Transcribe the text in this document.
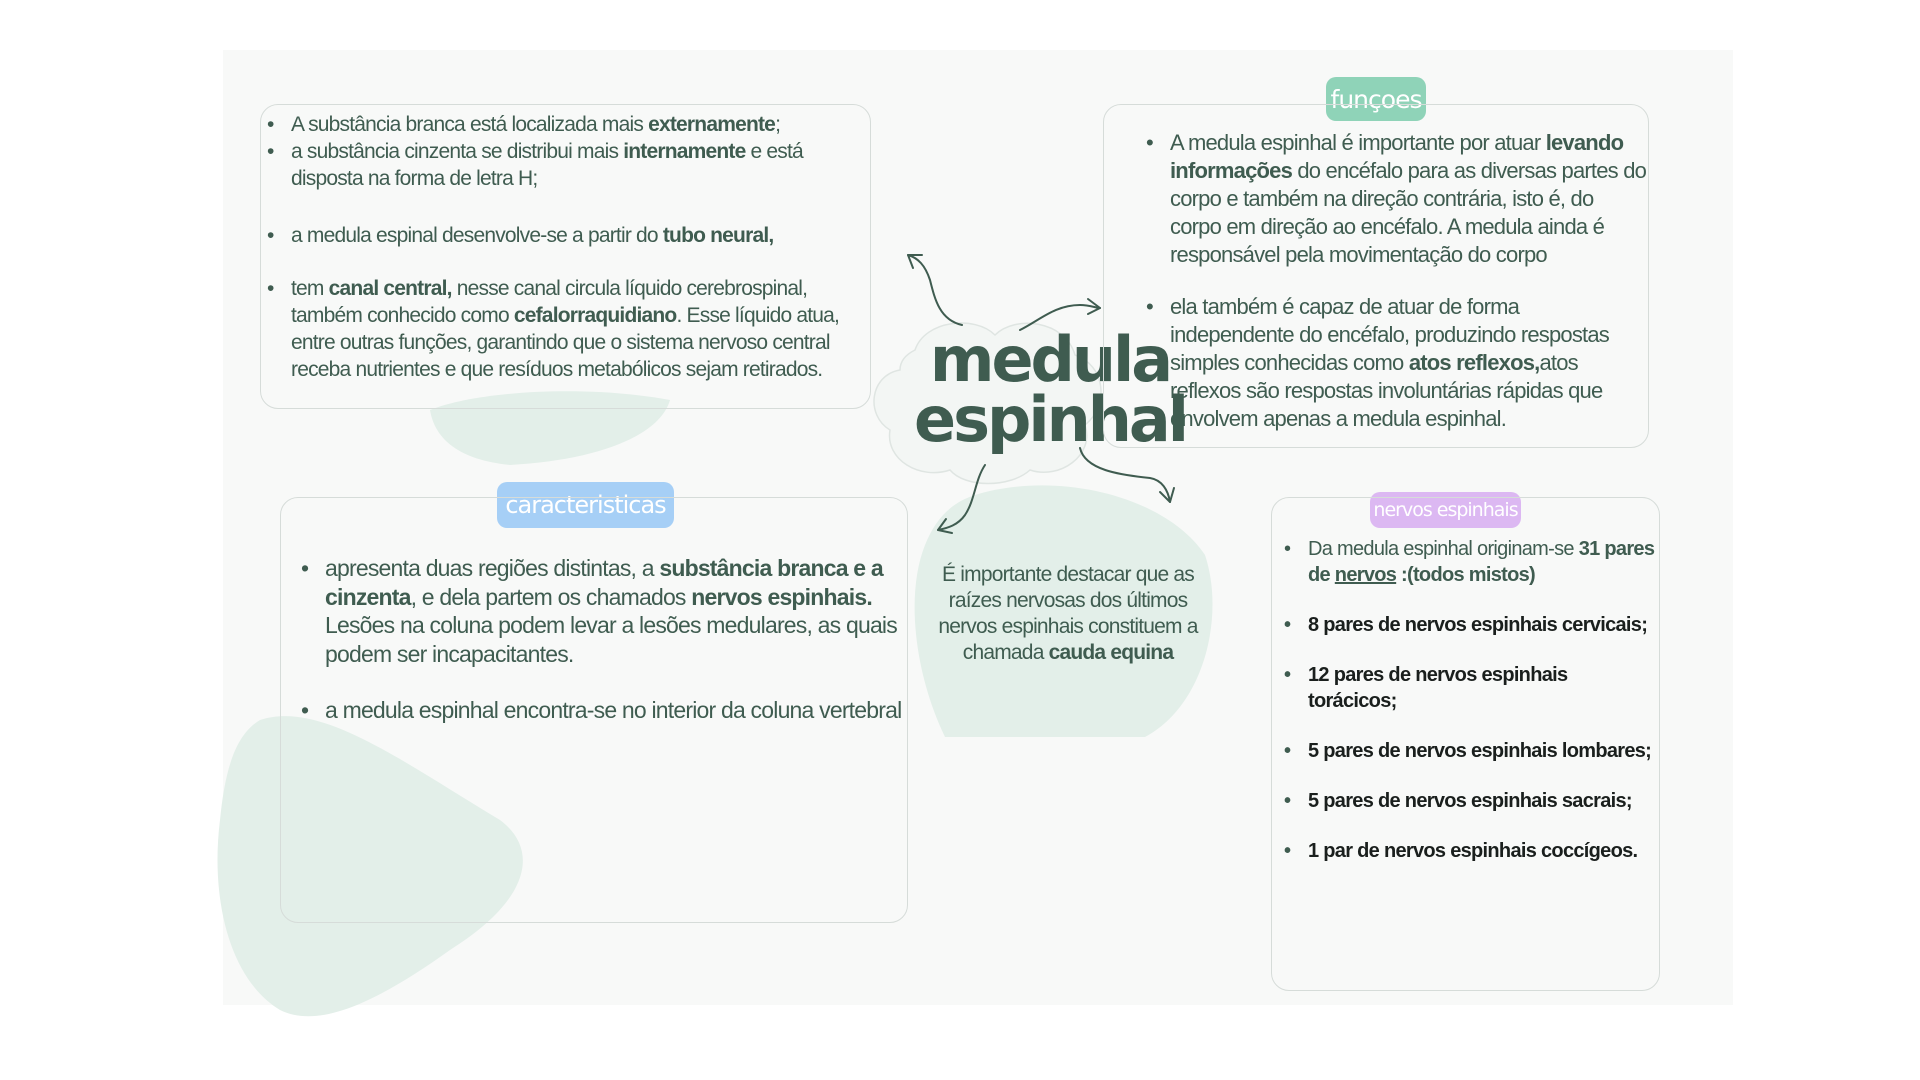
medula
espinhal
• A substância branca está localizada mais externamente;
• a substância cinzenta se distribui mais internamente e está disposta na forma de letra H;
• a medula espinal desenvolve-se a partir do tubo neural,
• tem canal central, nesse canal circula líquido cerebrospinal, também conhecido como cefalorraquidiano. Esse líquido atua, entre outras funções, garantindo que o sistema nervoso central receba nutrientes e que resíduos metabólicos sejam retirados.
funçoes
• A medula espinhal é importante por atuar levando informações do encéfalo para as diversas partes do corpo e também na direção contrária, isto é, do corpo em direção ao encéfalo. A medula ainda é responsável pela movimentação do corpo
• ela também é capaz de atuar de forma independente do encéfalo, produzindo respostas simples conhecidas como atos reflexos,atos reflexos são respostas involuntárias rápidas que envolvem apenas a medula espinhal.
caracteristicas
• apresenta duas regiões distintas, a substância branca e a cinzenta, e dela partem os chamados nervos espinhais. Lesões na coluna podem levar a lesões medulares, as quais podem ser incapacitantes.
• a medula espinhal encontra-se no interior da coluna vertebral
É importante destacar que as raízes nervosas dos últimos nervos espinhais constituem a chamada cauda equina
nervos espinhais
• Da medula espinhal originam-se 31 pares de nervos :(todos mistos)
• 8 pares de nervos espinhais cervicais;
• 12 pares de nervos espinhais torácicos;
• 5 pares de nervos espinhais lombares;
• 5 pares de nervos espinhais sacrais;
• 1 par de nervos espinhais coccígeos.
